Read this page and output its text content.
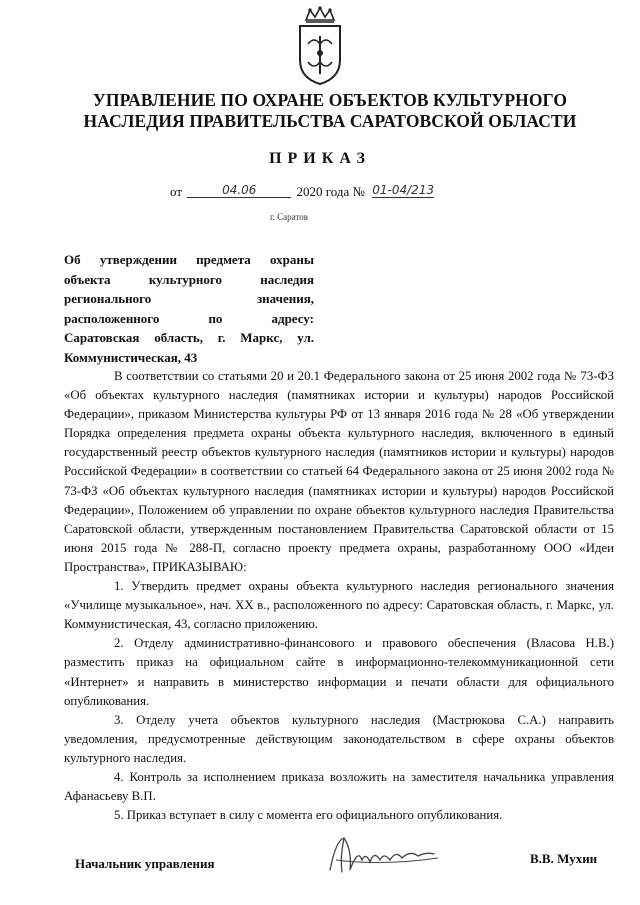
УПРАВЛЕНИЕ ПО ОХРАНЕ ОБЪЕКТОВ КУЛЬТУРНОГО
НАСЛЕДИЯ ПРАВИТЕЛЬСТВА САРАТОВСКОЙ ОБЛАСТИ
ПРИКАЗ
от	04.06	2020 года № 01-04/213
г. Саратов
Об утверждении предмета охраны
объекта культурного наследия
регионального значения,
расположенного по адресу:
Саратовская область, г. Маркс, ул.
Коммунистическая, 43

В соответствии со статьями 20 и 20.1 Федерального закона от 25 июня 2002 года № 73-ФЗ «Об объектах культурного наследия (памятниках истории и культуры) народов Российской Федерации», приказом Министерства культуры РФ от 13 января 2016 года № 28 «Об утверждении Порядка определения предмета охраны объекта культурного наследия, включенного в единый государственный реестр объектов культурного наследия (памятников истории и культуры) народов Российской Федерации» в соответствии со статьей 64 Федерального закона от 25 июня 2002 года № 73-ФЗ «Об объектах культурного наследия (памятниках истории и культуры) народов Российской Федерации», Положением об управлении по охране объектов культурного наследия Правительства Саратовской области, утвержденным постановлением Правительства Саратовской области от 15 июня 2015 года № 288-П, согласно проекту предмета охраны, разработанному ООО «Идеи Пространства», ПРИКАЗЫВАЮ:

1. Утвердить предмет охраны объекта культурного наследия регионального значения «Училище музыкальное», нач. XX в., расположенного по адресу: Саратовская область, г. Маркс, ул. Коммунистическая, 43, согласно приложению.

2. Отделу административно-финансового и правового обеспечения (Власова Н.В.) разместить приказ на официальном сайте в информационно-телекоммуникационной сети «Интернет» и направить в министерство информации и печати области для официального опубликования.

3. Отделу учета объектов культурного наследия (Мастрюкова С.А.) направить уведомления, предусмотренные действующим законодательством в сфере охраны объектов культурного наследия.

4. Контроль за исполнением приказа возложить на заместителя начальника управления Афанасьеву В.П.

5. Приказ вступает в силу с момента его официального опубликования.

Начальник управления	В.В. Мухин
